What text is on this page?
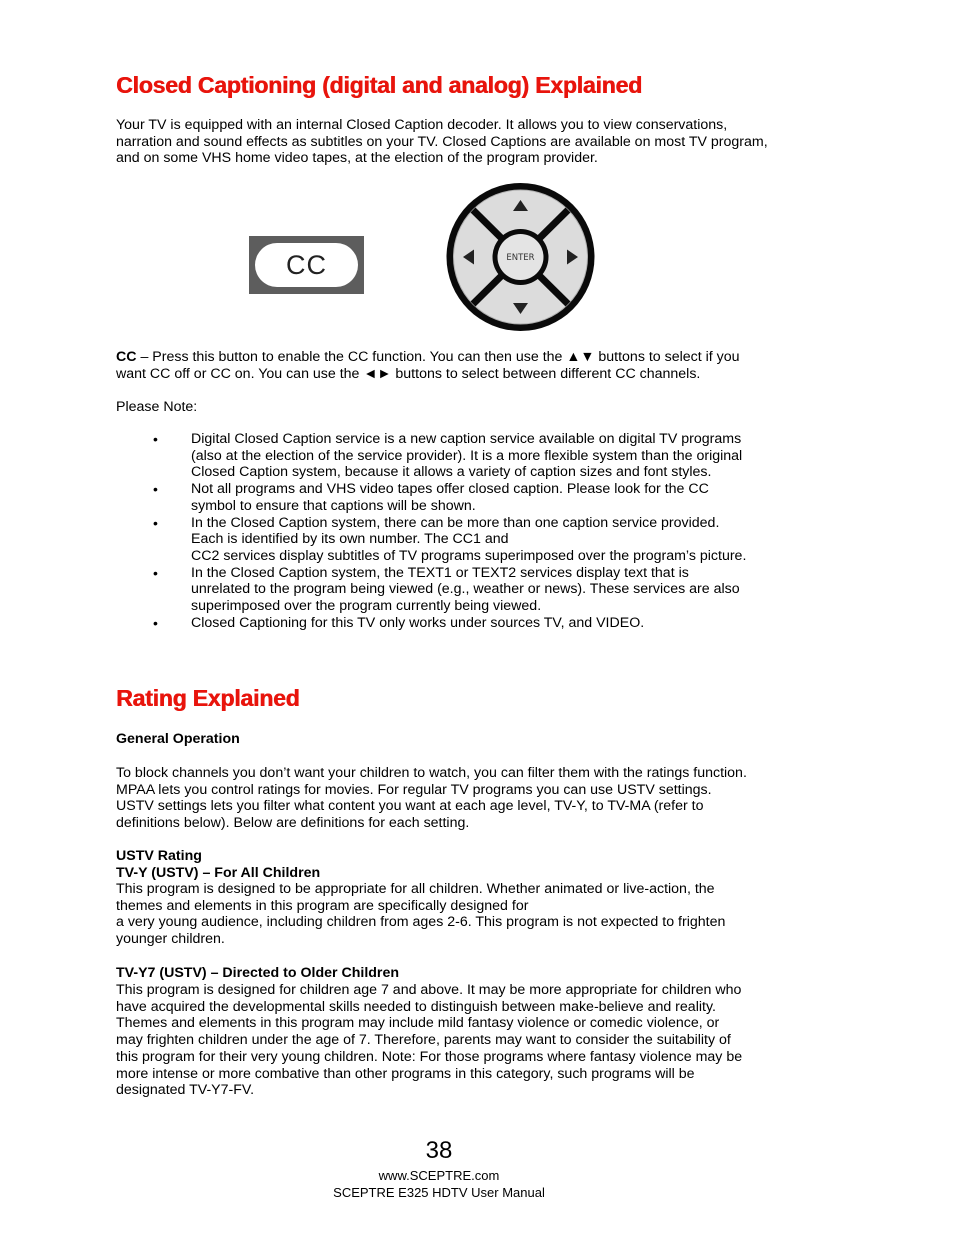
Closed Captioning (digital and analog) Explained

Your TV is equipped with an internal Closed Caption decoder. It allows you to view conservations, narration and sound effects as subtitles on your TV. Closed Captions are available on most TV program, and on some VHS home video tapes, at the election of the program provider.

CC	ENTER

CC – Press this button to enable the CC function. You can then use the ▲▼ buttons to select if you
want CC off or CC on. You can use the ◄► buttons to select between different CC channels.

Please Note:

• Digital Closed Caption service is a new caption service available on digital TV programs
(also at the election of the service provider). It is a more flexible system than the original
Closed Caption system, because it allows a variety of caption sizes and font styles.
• Not all programs and VHS video tapes offer closed caption. Please look for the CC
symbol to ensure that captions will be shown.
• In the Closed Caption system, there can be more than one caption service provided.
Each is identified by its own number. The CC1 and
CC2 services display subtitles of TV programs superimposed over the program’s picture.
• In the Closed Caption system, the TEXT1 or TEXT2 services display text that is
unrelated to the program being viewed (e.g., weather or news). These services are also
superimposed over the program currently being viewed.
• Closed Captioning for this TV only works under sources TV, and VIDEO.
Rating Explained

General Operation

To block channels you don’t want your children to watch, you can filter them with the ratings function.
MPAA lets you control ratings for movies. For regular TV programs you can use USTV settings.
USTV settings lets you filter what content you want at each age level, TV-Y, to TV-MA (refer to
definitions below). Below are definitions for each setting.

USTV Rating

TV-Y (USTV) – For All Children

This program is designed to be appropriate for all children. Whether animated or live-action, the
themes and elements in this program are specifically designed for
a very young audience, including children from ages 2-6. This program is not expected to frighten
younger children.

TV-Y7 (USTV) – Directed to Older Children

This program is designed for children age 7 and above. It may be more appropriate for children who
have acquired the developmental skills needed to distinguish between make-believe and reality.
Themes and elements in this program may include mild fantasy violence or comedic violence, or
may frighten children under the age of 7. Therefore, parents may want to consider the suitability of
this program for their very young children. Note: For those programs where fantasy violence may be
more intense or more combative than other programs in this category, such programs will be
designated TV-Y7-FV.

38
www.SCEPTRE.com
SCEPTRE E325 HDTV User Manual
